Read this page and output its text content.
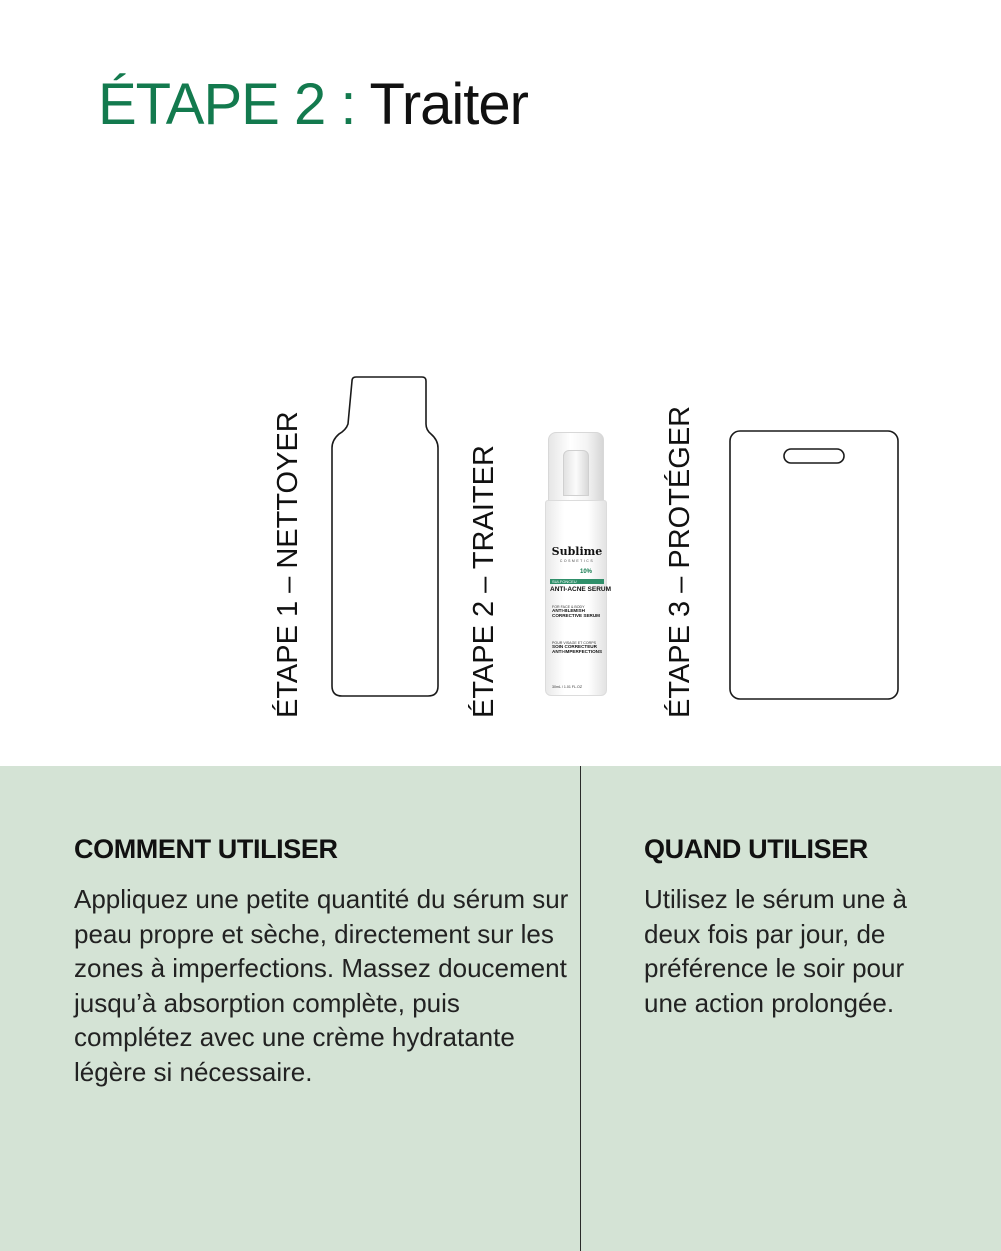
ÉTAPE 2 : Traiter
ÉTAPE 1 – NETTOYER	ÉTAPE 2 – TRAITER	Sublime
COSMETICS
10%
SULFONCEU
ANTI-ACNE SERUM
FOR FACE & BODY
ANTI-BLEMISH
CORRECTIVE SERUM
POUR VISAGE ET CORPS
SOIN CORRECTEUR
ANTI-IMPERFECTIONS
30mL / 1.01 FL.OZ	ÉTAPE 3 – PROTÉGER
COMMENT UTILISER
Appliquez une petite quantité du sérum sur peau propre et sèche, directement sur les zones à imperfections. Massez doucement jusqu’à absorption complète, puis complétez avec une crème hydratante légère si nécessaire.
QUAND UTILISER
Utilisez le sérum une à deux fois par jour, de préférence le soir pour une action prolongée.
